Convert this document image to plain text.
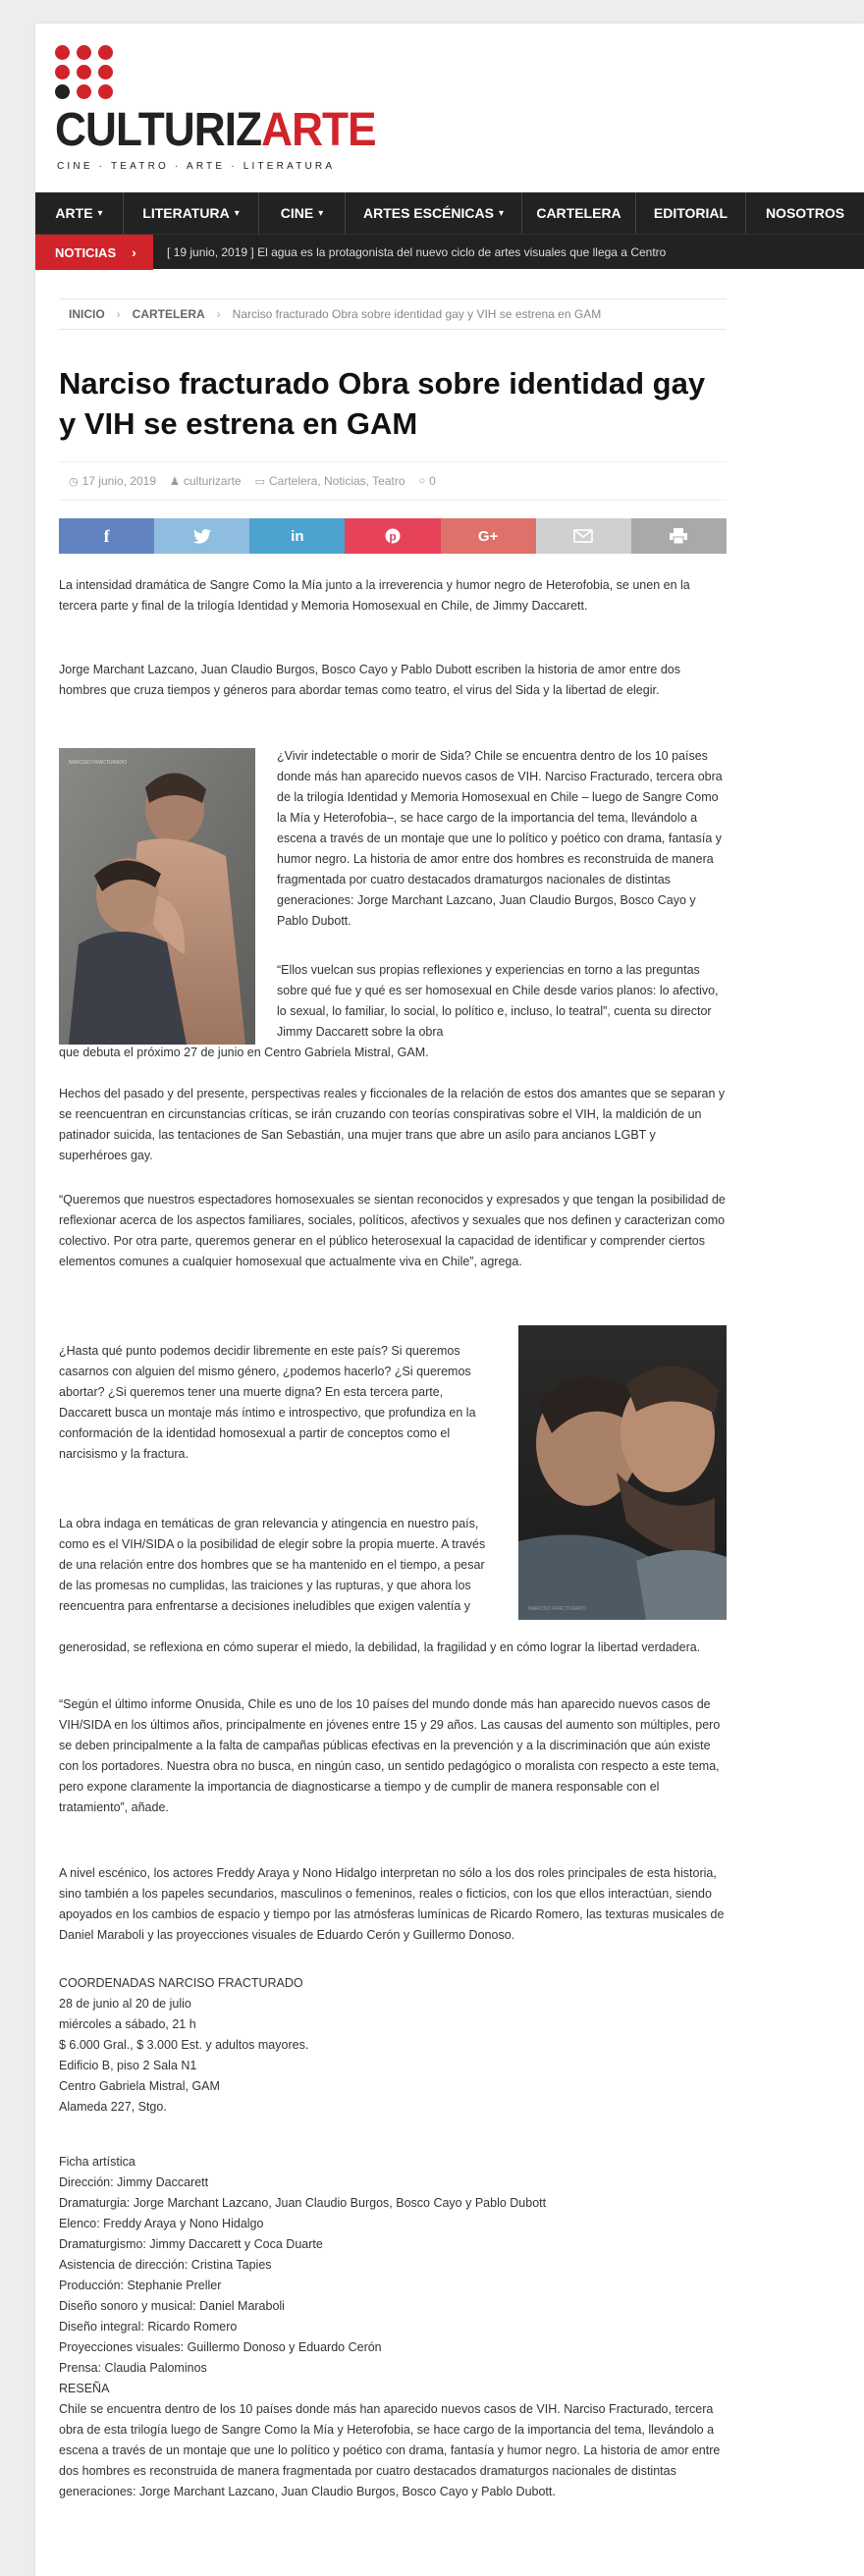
CULTURIZARTE
CINE · TEATRO · ARTE · LITERATURA
ARTE ▾	LITERATURA ▾	CINE ▾	ARTES ESCÉNICAS ▾ CARTELERA EDITORIAL	NOSOTROS
NOTICIAS ›	[ 19 junio, 2019 ] El agua es la protagonista del nuevo ciclo de artes visuales que llega a Centro
INICIO › CARTELERA › Narciso fracturado Obra sobre identidad gay y VIH se estrena en GAM
Narciso fracturado Obra sobre identidad gay y VIH se estrena en GAM
◷ 17 junio, 2019 ♟ culturizarte ▭ Cartelera, Noticias, Teatro ○ 0
f	in	p	G+

La intensidad dramática de Sangre Como la Mía junto a la irreverencia y humor negro de Heterofobia, se unen en la tercera parte y final de la trilogía Identidad y Memoria Homosexual en Chile, de Jimmy Daccarett.

Jorge Marchant Lazcano, Juan Claudio Burgos, Bosco Cayo y Pablo Dubott escriben la historia de amor entre dos hombres que cruza tiempos y géneros para abordar temas como teatro, el virus del Sida y la libertad de elegir.

NARCISO FRACTURADO	¿Vivir indetectable o morir de Sida? Chile se encuentra dentro de los 10 países donde más han aparecido nuevos casos de VIH. Narciso Fracturado, tercera obra de la trilogía Identidad y Memoria Homosexual en Chile – luego de Sangre Como la Mía y Heterofobia–, se hace cargo de la importancia del tema, llevándolo a escena a través de un montaje que une lo político y poético con drama, fantasía y humor negro. La historia de amor entre dos hombres es reconstruida de manera fragmentada por cuatro destacados dramaturgos nacionales de distintas generaciones: Jorge Marchant Lazcano, Juan Claudio Burgos, Bosco Cayo y Pablo Dubott.

“Ellos vuelcan sus propias reflexiones y experiencias en torno a las preguntas sobre qué fue y qué es ser homosexual en Chile desde varios planos: lo afectivo, lo sexual, lo familiar, lo social, lo político e, incluso, lo teatral”, cuenta su director Jimmy Daccarett sobre la obra

que debuta el próximo 27 de junio en Centro Gabriela Mistral, GAM.

Hechos del pasado y del presente, perspectivas reales y ficcionales de la relación de estos dos amantes que se separan y se reencuentran en circunstancias críticas, se irán cruzando con teorías conspirativas sobre el VIH, la maldición de un patinador suicida, las tentaciones de San Sebastián, una mujer trans que abre un asilo para ancianos LGBT y superhéroes gay.

“Queremos que nuestros espectadores homosexuales se sientan reconocidos y expresados y que tengan la posibilidad de reflexionar acerca de los aspectos familiares, sociales, políticos, afectivos y sexuales que nos definen y caracterizan como colectivo. Por otra parte, queremos generar en el público heterosexual la capacidad de identificar y comprender ciertos elementos comunes a cualquier homosexual que actualmente viva en Chile”, agrega.

¿Hasta qué punto podemos decidir libremente en este país? Si queremos casarnos con alguien del mismo género, ¿podemos hacerlo? ¿Si queremos abortar? ¿Si queremos tener una muerte digna? En esta tercera parte, Daccarett busca un montaje más íntimo e introspectivo, que profundiza en la conformación de la identidad homosexual a partir de conceptos como el narcisismo y la fractura.

La obra indaga en temáticas de gran relevancia y atingencia en nuestro país, como es el VIH/SIDA o la posibilidad de elegir sobre la propia muerte. A través de una relación entre dos hombres que se ha mantenido en el tiempo, a pesar de las promesas no cumplidas, las traiciones y las rupturas, y que ahora los reencuentra para enfrentarse a decisiones ineludibles que exigen valentía y

generosidad, se reflexiona en cómo superar el miedo, la debilidad, la fragilidad y en cómo lograr la libertad verdadera.

NARCISO FRACTURADO

“Según el último informe Onusida, Chile es uno de los 10 países del mundo donde más han aparecido nuevos casos de VIH/SIDA en los últimos años, principalmente en jóvenes entre 15 y 29 años. Las causas del aumento son múltiples, pero se deben principalmente a la falta de campañas públicas efectivas en la prevención y a la discriminación que aún existe con los portadores. Nuestra obra no busca, en ningún caso, un sentido pedagógico o moralista con respecto a este tema, pero expone claramente la importancia de diagnosticarse a tiempo y de cumplir de manera responsable con el tratamiento”, añade.

A nivel escénico, los actores Freddy Araya y Nono Hidalgo interpretan no sólo a los dos roles principales de esta historia, sino también a los papeles secundarios, masculinos o femeninos, reales o ficticios, con los que ellos interactúan, siendo apoyados en los cambios de espacio y tiempo por las atmósferas lumínicas de Ricardo Romero, las texturas musicales de Daniel Maraboli y las proyecciones visuales de Eduardo Cerón y Guillermo Donoso.

COORDENADAS NARCISO FRACTURADO
28 de junio al 20 de julio
miércoles a sábado, 21 h
$ 6.000 Gral., $ 3.000 Est. y adultos mayores.
Edificio B, piso 2 Sala N1
Centro Gabriela Mistral, GAM
Alameda 227, Stgo.
Ficha artística
Dirección: Jimmy Daccarett
Dramaturgia: Jorge Marchant Lazcano, Juan Claudio Burgos, Bosco Cayo y Pablo Dubott
Elenco: Freddy Araya y Nono Hidalgo
Dramaturgismo: Jimmy Daccarett y Coca Duarte
Asistencia de dirección: Cristina Tapies
Producción: Stephanie Preller
Diseño sonoro y musical: Daniel Maraboli
Diseño integral: Ricardo Romero
Proyecciones visuales: Guillermo Donoso y Eduardo Cerón
Prensa: Claudia Palominos
RESEÑA
Chile se encuentra dentro de los 10 países donde más han aparecido nuevos casos de VIH. Narciso Fracturado, tercera obra de esta trilogía luego de Sangre Como la Mía y Heterofobia, se hace cargo de la importancia del tema, llevándolo a escena a través de un montaje que une lo político y poético con drama, fantasía y humor negro. La historia de amor entre dos hombres es reconstruida de manera fragmentada por cuatro destacados dramaturgos nacionales de distintas generaciones: Jorge Marchant Lazcano, Juan Claudio Burgos, Bosco Cayo y Pablo Dubott.
